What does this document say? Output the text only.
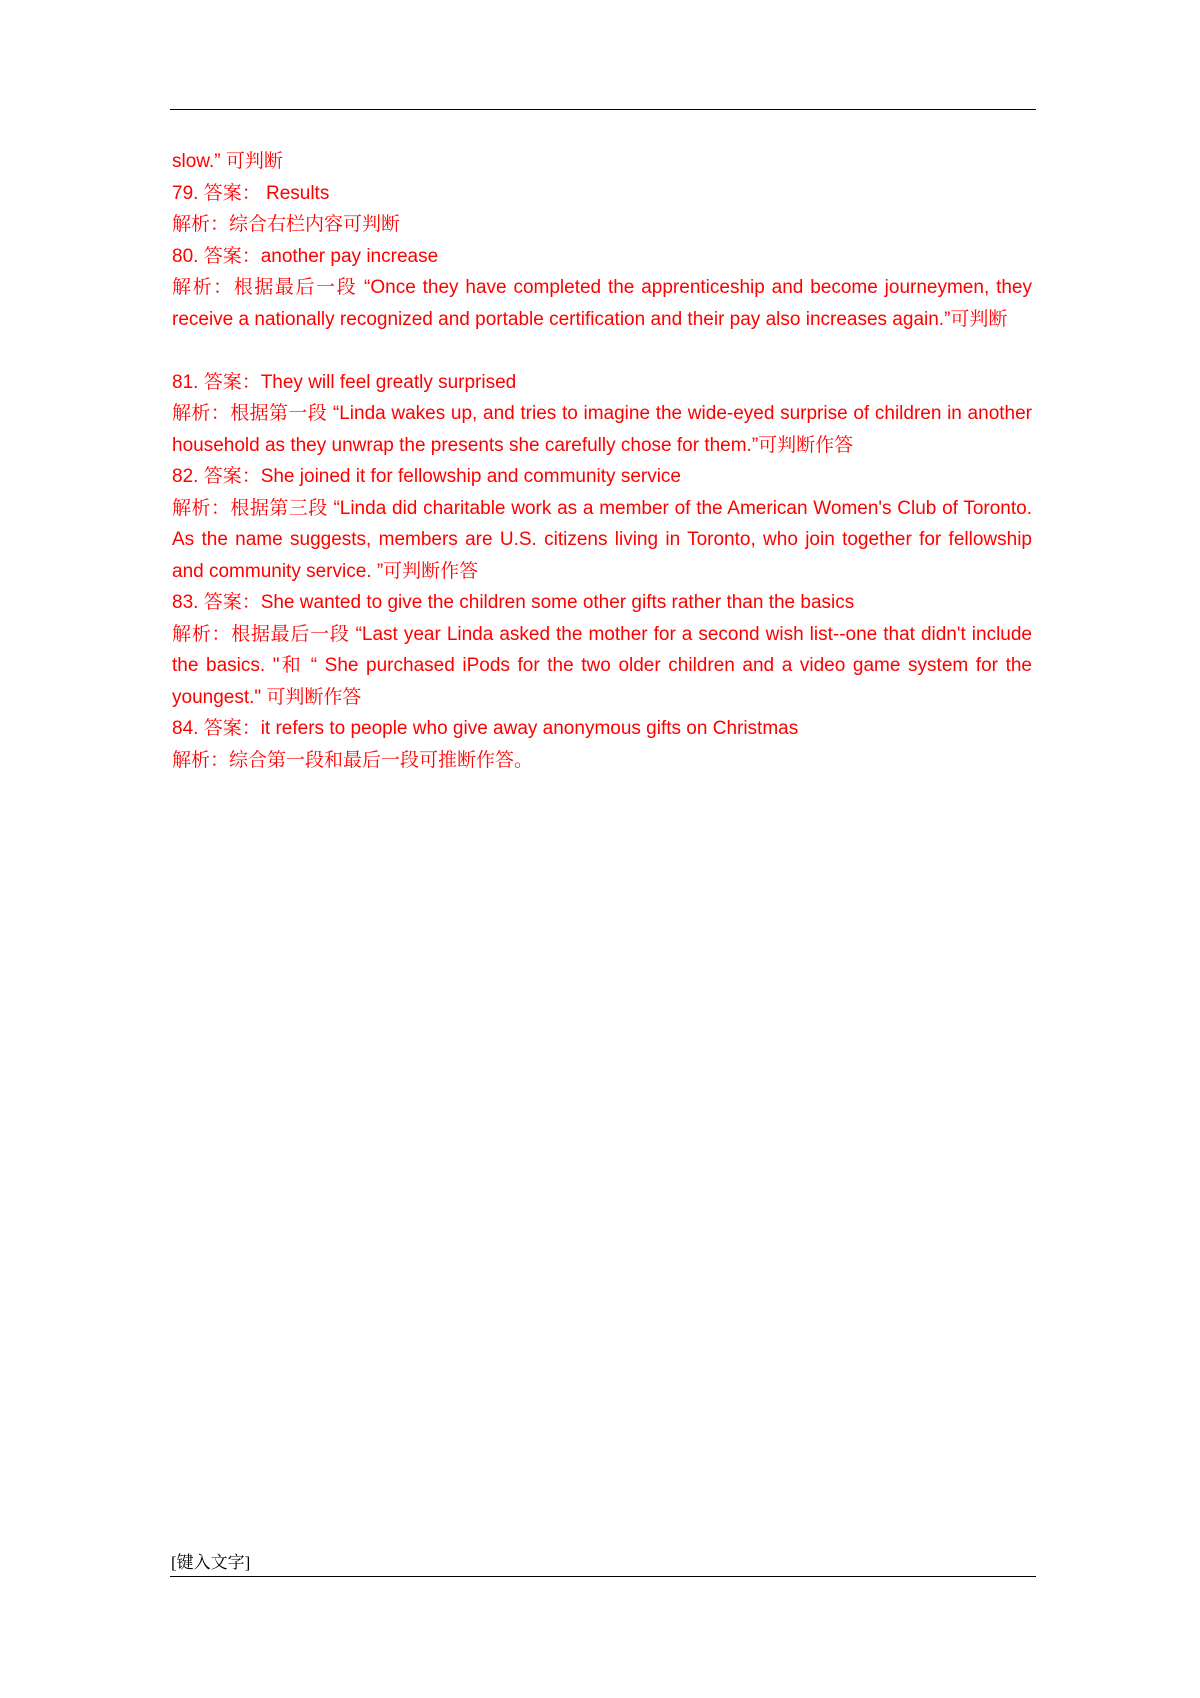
slow.” 可判断

79. 答案： Results

解析：综合右栏内容可判断

80. 答案：another pay increase

解析：根据最后一段 “Once they have completed the apprenticeship and become journeymen, they receive a nationally recognized and portable certification and their pay also increases again.”可判断

81. 答案：They will feel greatly surprised

解析：根据第一段 “Linda wakes up, and tries to imagine the wide-eyed surprise of children in another household as they unwrap the presents she carefully chose for them.”可判断作答

82. 答案：She joined it for fellowship and community service

解析：根据第三段 “Linda did charitable work as a member of the American Women's Club of Toronto. As the name suggests, members are U.S. citizens living in Toronto, who join together for fellowship and community service. ”可判断作答

83. 答案：She wanted to give the children some other gifts rather than the basics

解析：根据最后一段 “Last year Linda asked the mother for a second wish list--one that didn't include the basics. "和 “ She purchased iPods for the two older children and a video game system for the youngest." 可判断作答

84. 答案：it refers to people who give away anonymous gifts on Christmas

解析：综合第一段和最后一段可推断作答。

[键入文字]
